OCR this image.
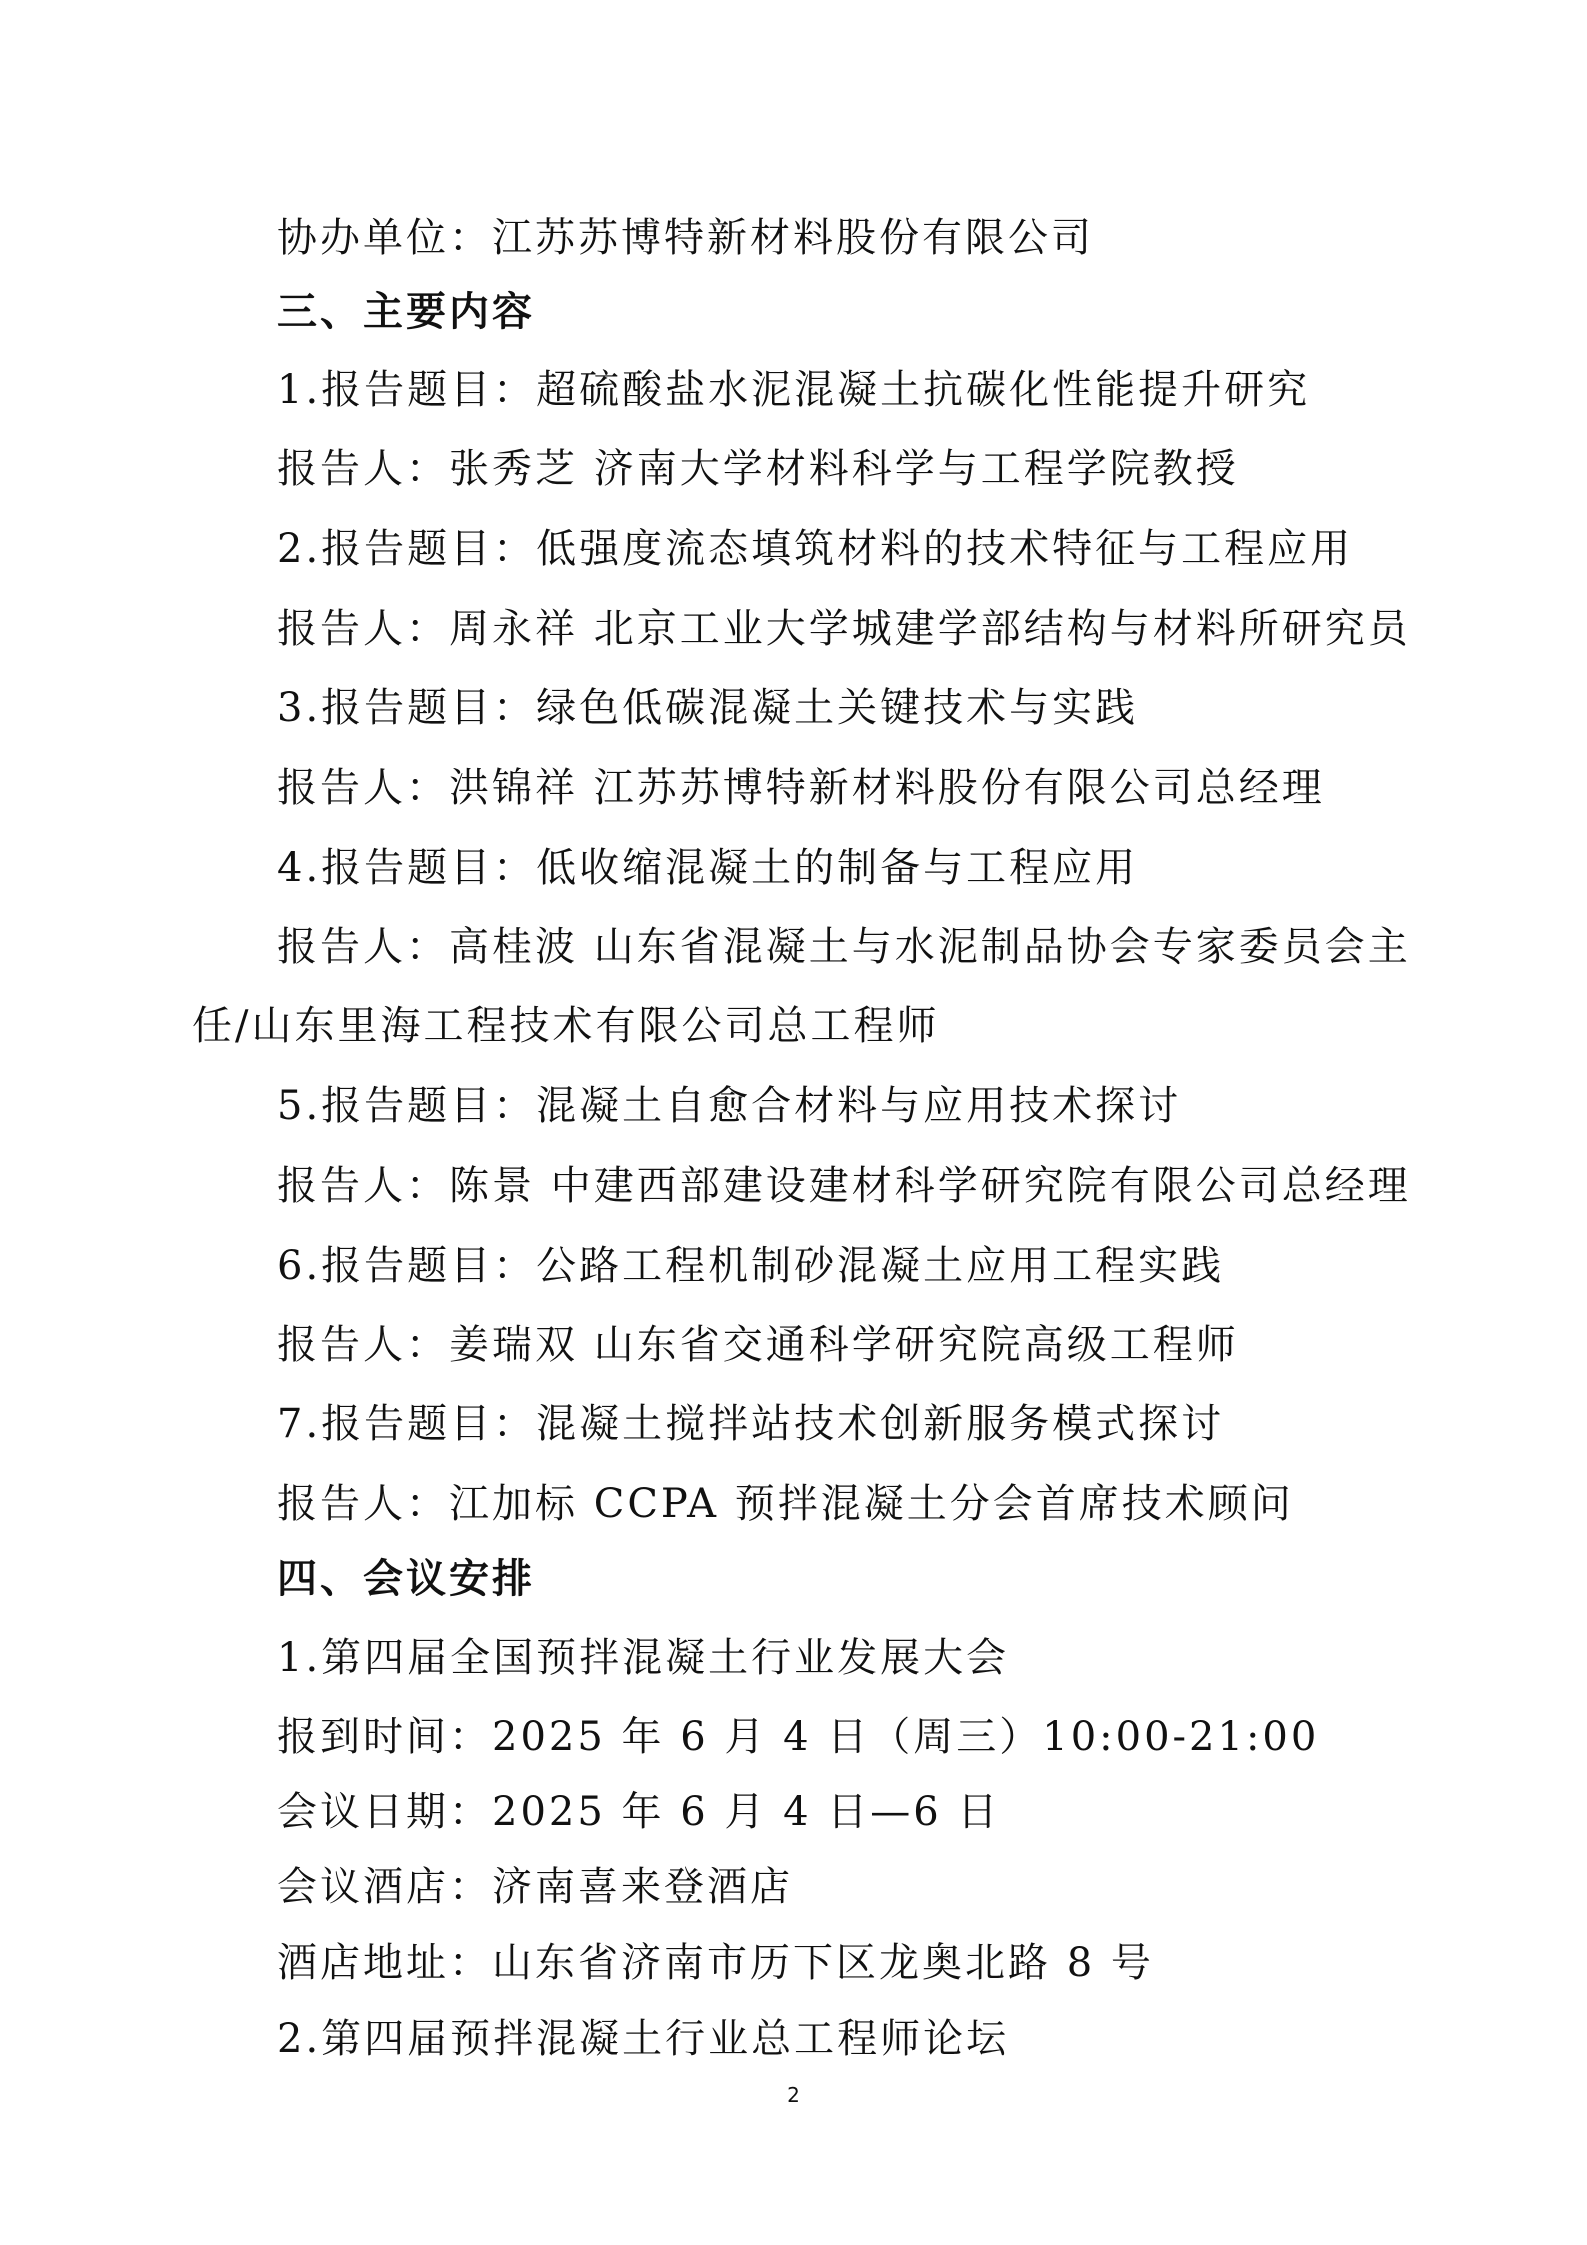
协办单位：江苏苏博特新材料股份有限公司
三、主要内容
1.报告题目：超硫酸盐水泥混凝土抗碳化性能提升研究
报告人：张秀芝 济南大学材料科学与工程学院教授
2.报告题目：低强度流态填筑材料的技术特征与工程应用
报告人：周永祥 北京工业大学城建学部结构与材料所研究员
3.报告题目：绿色低碳混凝土关键技术与实践
报告人：洪锦祥 江苏苏博特新材料股份有限公司总经理
4.报告题目：低收缩混凝土的制备与工程应用
报告人：高桂波 山东省混凝土与水泥制品协会专家委员会主
任/山东里海工程技术有限公司总工程师
5.报告题目：混凝土自愈合材料与应用技术探讨
报告人：陈景 中建西部建设建材科学研究院有限公司总经理
6.报告题目：公路工程机制砂混凝土应用工程实践
报告人：姜瑞双 山东省交通科学研究院高级工程师
7.报告题目：混凝土搅拌站技术创新服务模式探讨
报告人：江加标 CCPA 预拌混凝土分会首席技术顾问
四、会议安排
1.第四届全国预拌混凝土行业发展大会
报到时间：2025 年 6 月 4 日（周三）10:00-21:00
会议日期：2025 年 6 月 4 日—6 日
会议酒店：济南喜来登酒店
酒店地址：山东省济南市历下区龙奥北路 8 号
2.第四届预拌混凝土行业总工程师论坛
2
